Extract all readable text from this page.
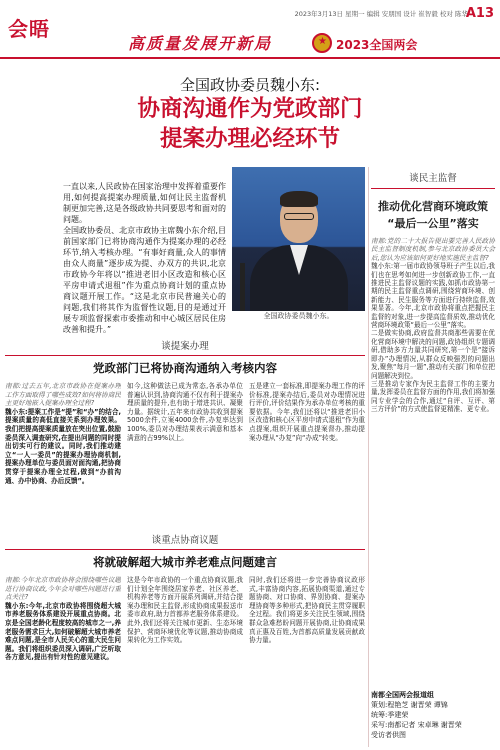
会晤
2023年3月13日 星期一 编辑 安朋国 设计 崔智毅 校对 陈华
A13
高质量发展开新局	★ 2023全国两会
全国政协委员魏小东:
协商沟通作为党政部门
提案办理必经环节

一直以来,人民政协在国家治理中发挥着重要作用,如何提高提案办理质量,如何让民主监督机制更加完善,这是各级政协共同要思考和面对的问题。

全国政协委员、北京市政协主席魏小东介绍,目前国家部门已将协商沟通作为提案办理的必经环节,纳入考核办理。“有事好商量,众人的事情由众人商量”逐步成为提、办双方的共识,北京市政协今年将以“推进老旧小区改造和核心区平房申请式退租”作为重点协商计划的重点协商议题开展工作。“这是北京市民普遍关心的问题,我们将其作为监督性议题,目的是通过开展专项监督探索市委推动和中心城区居民住房改善和提升。”

全国政协委员魏小东。
谈民主监督
推动优化营商环境政策
“最后一公里”落实

南都:党的二十大报告提出要完善人民政协民主监督制度机制,参与北京政协委员大会后,您认为应该如何更好地实施民主监督?

魏小东:第一届市政协领导班子产生以后,我们也在思考如何进一步创新政协工作,一直推进民主监督议题的实践,如抓市政协第一期的民主监督重点调研,围绕营商环境、创新能力、民生服务等方面进行持续监督,效果显著。今年,北京市政协将重点把握民主监督的对象,进一步提高监督质效,推动优化营商环境政策“最后一公里”落实。

二是做实协商,政府监督共商那些需要在优化营商环境中解决的问题,政协组织专题调研,借助多方力量共同研究,第一个是“接诉即办”办理情况,从群众反映强烈的问题出发,聚焦“每月一题”,推动有关部门和单位把问题解决到位。

三是推动专家作为民主监督工作的主要力量,发挥委员在监督方面的作用,我们将加强同专业学会的合作,通过“自评、互评、第三方评价”的方式使监督更精准、更专业。

南都全国两会报道组
策划:程艳芝 谢晋荣 谭锦
统筹:季建荣
采写:南都记者 宋卓琳 谢晋荣
受访者供图
谈提案办理
党政部门已将协商沟通纳入考核内容

南都:过去五年,北京市政协在提案办理工作方面取得了哪些成效?如何将协商民主更好地嵌入提案办理全过程?

魏小东:提案工作是“提”和“办”的结合,提案质量的高低直接关系到办理效果。我们把提高提案质量放在突出位置,鼓励委员深入调查研究,在提出问题的同时提出切实可行的建议。同时,我们推动建立“一人一委员”的提案办理协商机制,提案办理单位与委员面对面沟通,把协商贯穿于提案办理全过程,做到“办前沟通、办中协商、办后反馈”。

如今,这种做法已成为常态,各承办单位普遍认识到,协商沟通不仅有利于提案办理质量的提升,也有助于增进共识、凝聚力量。据统计,五年来市政协共收到提案5000余件,立案4000余件,办复率达到100%,委员对办理结果表示满意和基本满意的占99%以上。
五是建立一套标准,即提案办理工作的评价标准,提案办结后,委员对办理情况进行评价,评价结果作为承办单位考核的重要依据。今年,我们还将以“推进老旧小区改造和核心区平房申请式退租”作为重点提案,组织开展重点提案督办,推动提案办理从“办复”向“办成”转变。
谈重点协商议题
将就破解超大城市养老难点问题建言

南都:今年北京市政协将会围绕哪些议题进行协商议政,今年会对哪些问题进行重点关注?

魏小东:今年,北京市政协将围绕超大城市养老服务体系建设开展重点协商。北京是全国老龄化程度较高的城市之一,养老服务需求巨大,如何破解超大城市养老难点问题,是全市人民关心的重大民生问题。我们将组织委员深入调研,广泛听取各方意见,提出有针对性的意见建议。

这是今年市政协的一个重点协商议题,我们计划全年围绕居家养老、社区养老、机构养老等方面开展系列调研,并结合提案办理和民主监督,形成协商成果报送市委市政府,助力首都养老服务体系建设。此外,我们还将关注城市更新、生态环境保护、营商环境优化等议题,推动协商成果转化为工作实效。
同时,我们还将进一步完善协商议政形式,丰富协商内容,拓展协商渠道,通过专题协商、对口协商、界别协商、提案办理协商等多种形式,把协商民主贯穿履职全过程。我们将更多关注民生领域,围绕群众急难愁盼问题开展协商,让协商成果真正惠及百姓,为首都高质量发展贡献政协力量。
